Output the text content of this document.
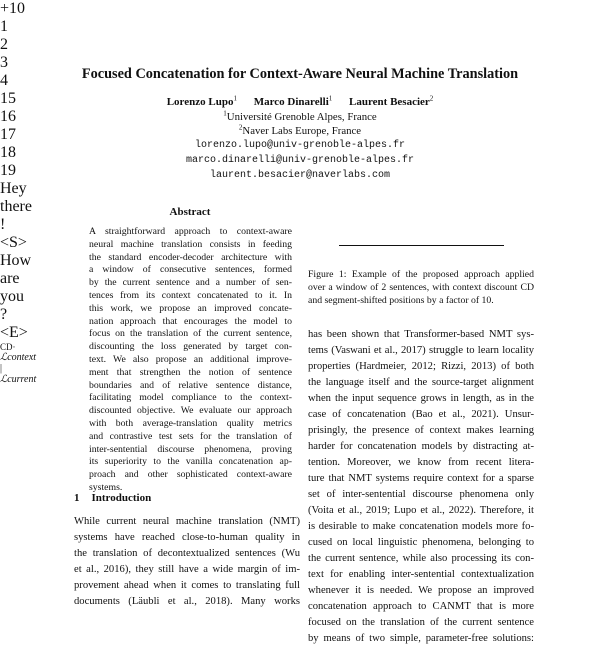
Focused Concatenation for Context-Aware Neural Machine Translation
Lorenzo Lupo$^1$ Marco Dinarelli$^1$ Laurent Besacier$^2$
$^1$Université Grenoble Alpes, France
$^2$Naver Labs Europe, France
lorenzo.lupo@univ-grenoble-alpes.fr
marco.dinarelli@univ-grenoble-alpes.fr
laurent.besacier@naverlabs.com
Abstract
A straightforward approach to context-aware
neural machine translation consists in feeding
the standard encoder-decoder architecture with
a window of consecutive sentences, formed
by the current sentence and a number of sen-
tences from its context concatenated to it. In
this work, we propose an improved concate-
nation approach that encourages the model to
focus on the translation of the current sentence,
discounting the loss generated by target con-
text. We also propose an additional improve-
ment that strengthen the notion of sentence
boundaries and of relative sentence distance,
facilitating model compliance to the context-
discounted objective. We evaluate our approach
with both average-translation quality metrics
and contrastive test sets for the translation of
inter-sentential discourse phenomena, proving
its superiority to the vanilla concatenation ap-
proach and other sophisticated context-aware
systems.
1 Introduction
While current neural machine translation (NMT)
systems have reached close-to-human quality in
the translation of decontextualized sentences (Wu
et al., 2016), they still have a wide margin of im-
provement ahead when it comes to translating full
documents (Läubli et al., 2018). Many works
+10
1
2
3
4
15
16
17
18
19
Hey
there
!
<S>
How
are
you
?
<E>
CD·
ℒcontext
|
ℒcurrent
Figure 1: Example of the proposed approach applied
over a window of 2 sentences, with context discount CD
and segment-shifted positions by a factor of 10.
has been shown that Transformer-based NMT sys-
tems (Vaswani et al., 2017) struggle to learn locality
properties (Hardmeier, 2012; Rizzi, 2013) of both
the language itself and the source-target alignment
when the input sequence grows in length, as in the
case of concatenation (Bao et al., 2021). Unsur-
prisingly, the presence of context makes learning
harder for concatenation models by distracting at-
tention. Moreover, we know from recent litera-
ture that NMT systems require context for a sparse
set of inter-sentential discourse phenomena only
(Voita et al., 2019; Lupo et al., 2022). Therefore, it
is desirable to make concatenation models more fo-
cused on local linguistic phenomena, belonging to
the current sentence, while also processing its con-
text for enabling inter-sentential contextualization
whenever it is needed. We propose an improved
concatenation approach to CANMT that is more
focused on the translation of the current sentence
by means of two simple, parameter-free solutions:
